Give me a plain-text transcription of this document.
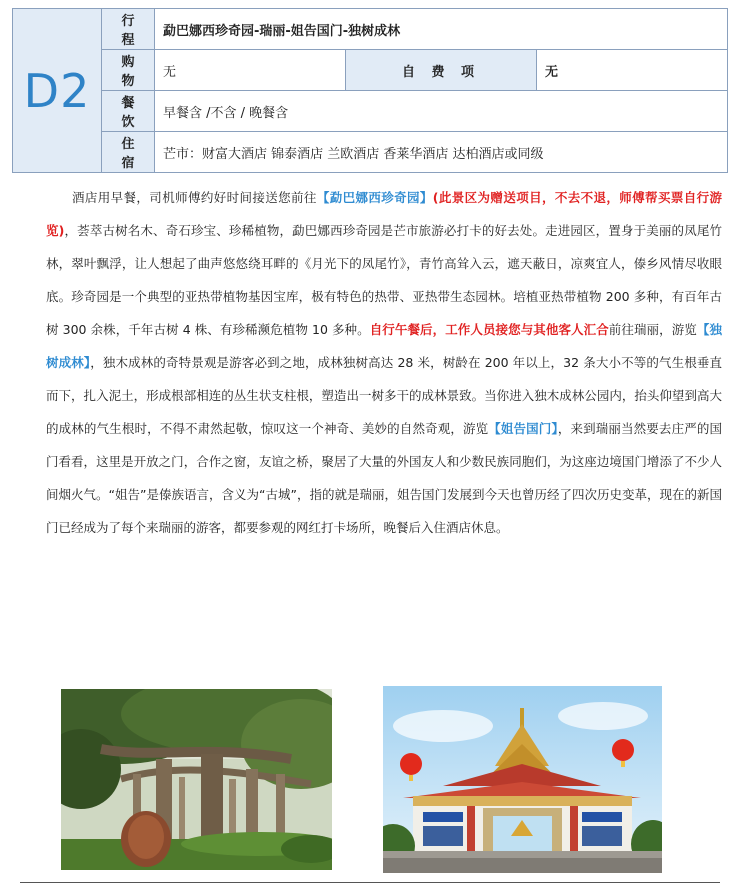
D2	行 程	勐巴娜西珍奇园-瑞丽-姐告国门-独树成林		
	购 物	无	自 费 项	无
	餐 饮	早餐含 /不含 / 晚餐含		
	住 宿	芒市：财富大酒店 锦泰酒店 兰欧酒店 香莱华酒店 达柏酒店或同级		

酒店用早餐，司机师傅约好时间接送您前往【勐巴娜西珍奇园】(此景区为赠送项目，不去不退，师傅帮买票自行游览)，荟萃古树名木、奇石珍宝、珍稀植物，勐巴娜西珍奇园是芒市旅游必打卡的好去处。走进园区，置身于美丽的凤尾竹林，翠叶飘浮，让人想起了曲声悠悠绕耳畔的《月光下的凤尾竹》，青竹高耸入云，遮天蔽日，凉爽宜人，傣乡风情尽收眼底。珍奇园是一个典型的亚热带植物基因宝库，极有特色的热带、亚热带生态园林。培植亚热带植物 200 多种，有百年古树 300 余株，千年古树 4 株、有珍稀濒危植物 10 多种。自行午餐后，工作人员接您与其他客人汇合前往瑞丽，游览【独树成林】，独木成林的奇特景观是游客必到之地，成林独树高达 28 米，树龄在 200 年以上，32 条大小不等的气生根垂直而下，扎入泥土，形成根部相连的丛生状支柱根，塑造出一树多干的成林景致。当你进入独木成林公园内，抬头仰望到高大的成林的气生根时，不得不肃然起敬，惊叹这一个神奇、美妙的自然奇观，游览【姐告国门】，来到瑞丽当然要去庄严的国门看看，这里是开放之门，合作之窗，友谊之桥，聚居了大量的外国友人和少数民族同胞们，为这座边境国门增添了不少人间烟火气。“姐告”是傣族语言，含义为“古城”，指的就是瑞丽，姐告国门发展到今天也曾历经了四次历史变革，现在的新国门已经成为了每个来瑞丽的游客，都要参观的网红打卡场所，晚餐后入住酒店休息。
